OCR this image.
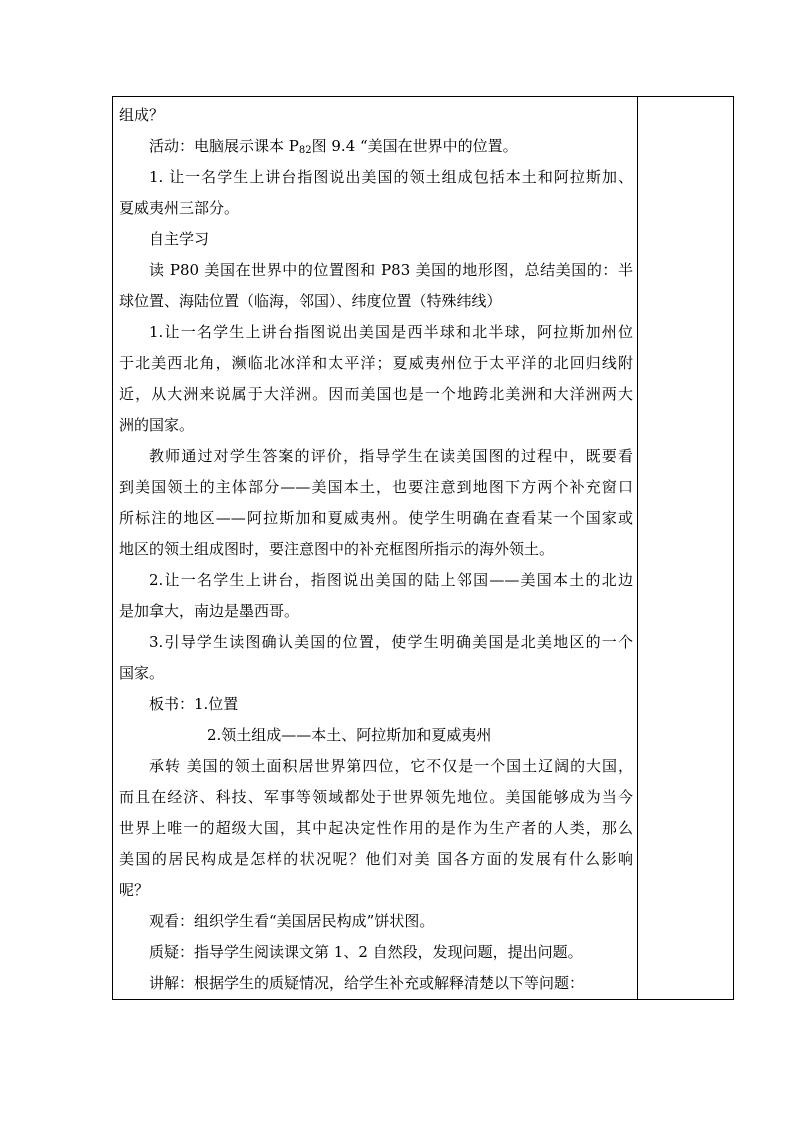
组成？
活动：电脑展示课本 $P_{82}$图 9.4 “美国在世界中的位置。
1. 让一名学生上讲台指图说出美国的领土组成包括本土和阿拉斯加、
夏威夷州三部分。
自主学习
读 P80 美国在世界中的位置图和 P83 美国的地形图，总结美国的：半
球位置、海陆位置（临海，邻国）、纬度位置（特殊纬线）
1.让一名学生上讲台指图说出美国是西半球和北半球，阿拉斯加州位
于北美西北角，濒临北冰洋和太平洋；夏威夷州位于太平洋的北回归线附
近，从大洲来说属于大洋洲。因而美国也是一个地跨北美洲和大洋洲两大
洲的国家。
教师通过对学生答案的评价，指导学生在读美国图的过程中，既要看
到美国领土的主体部分——美国本土，也要注意到地图下方两个补充窗口
所标注的地区——阿拉斯加和夏威夷州。使学生明确在查看某一个国家或
地区的领土组成图时，要注意图中的补充框图所指示的海外领土。
2.让一名学生上讲台，指图说出美国的陆上邻国——美国本土的北边
是加拿大，南边是墨西哥。
3.引导学生读图确认美国的位置，使学生明确美国是北美地区的一个
国家。
板书：1.位置
2.领土组成——本土、阿拉斯加和夏威夷州
承转 美国的领土面积居世界第四位，它不仅是一个国土辽阔的大国，
而且在经济、科技、军事等领域都处于世界领先地位。美国能够成为当今
世界上唯一的超级大国，其中起决定性作用的是作为生产者的人类，那么
美国的居民构成是怎样的状况呢？他们对美 国各方面的发展有什么影响
呢？
观看：组织学生看“美国居民构成”饼状图。
质疑：指导学生阅读课文第 1、2 自然段，发现问题，提出问题。
讲解：根据学生的质疑情况，给学生补充或解释清楚以下等问题：
